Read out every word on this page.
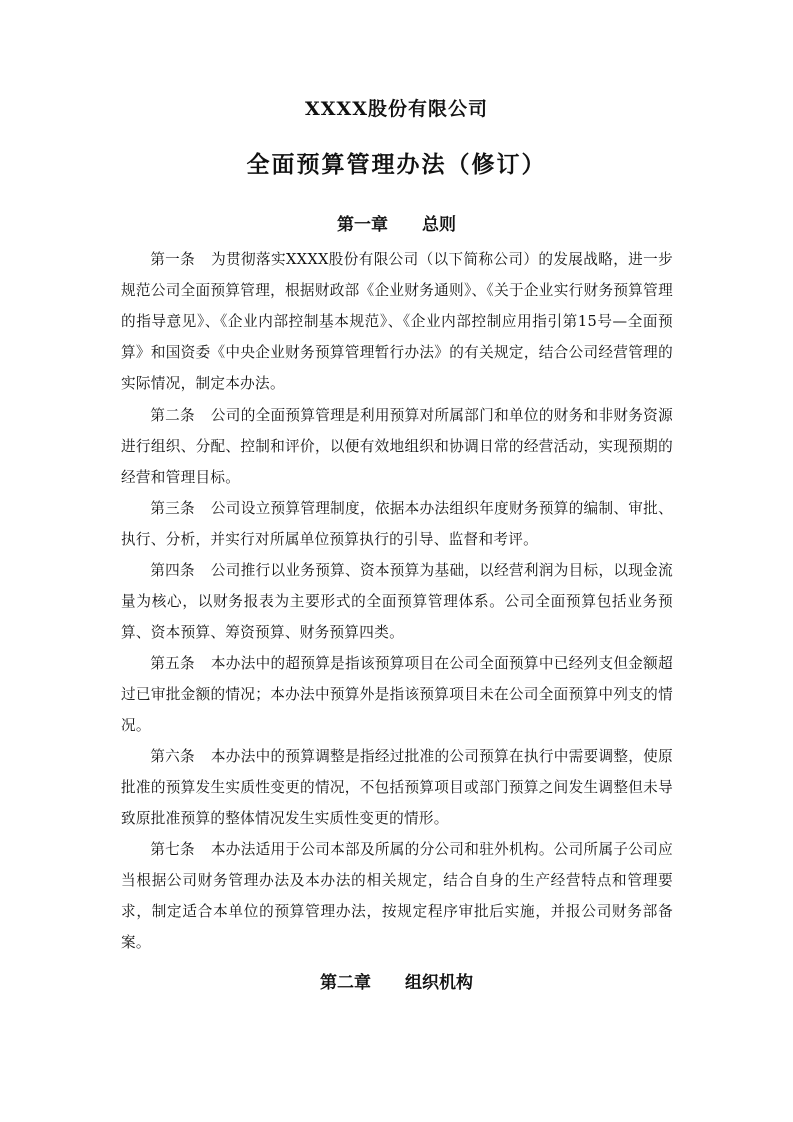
XXXX股份有限公司
全面预算管理办法（修订）
第一章 总则

第一条 为贯彻落实XXXX股份有限公司（以下简称公司）的发展战略，进一步规范公司全面预算管理，根据财政部《企业财务通则》、《关于企业实行财务预算管理的指导意见》、《企业内部控制基本规范》、《企业内部控制应用指引第15号—全面预算》和国资委《中央企业财务预算管理暂行办法》的有关规定，结合公司经营管理的实际情况，制定本办法。

第二条 公司的全面预算管理是利用预算对所属部门和单位的财务和非财务资源进行组织、分配、控制和评价，以便有效地组织和协调日常的经营活动，实现预期的经营和管理目标。

第三条 公司设立预算管理制度，依据本办法组织年度财务预算的编制、审批、执行、分析，并实行对所属单位预算执行的引导、监督和考评。

第四条 公司推行以业务预算、资本预算为基础，以经营利润为目标，以现金流量为核心，以财务报表为主要形式的全面预算管理体系。公司全面预算包括业务预算、资本预算、筹资预算、财务预算四类。

第五条 本办法中的超预算是指该预算项目在公司全面预算中已经列支但金额超过已审批金额的情况；本办法中预算外是指该预算项目未在公司全面预算中列支的情况。

第六条 本办法中的预算调整是指经过批准的公司预算在执行中需要调整，使原批准的预算发生实质性变更的情况，不包括预算项目或部门预算之间发生调整但未导致原批准预算的整体情况发生实质性变更的情形。

第七条 本办法适用于公司本部及所属的分公司和驻外机构。公司所属子公司应当根据公司财务管理办法及本办法的相关规定，结合自身的生产经营特点和管理要求，制定适合本单位的预算管理办法，按规定程序审批后实施，并报公司财务部备案。

第二章 组织机构
